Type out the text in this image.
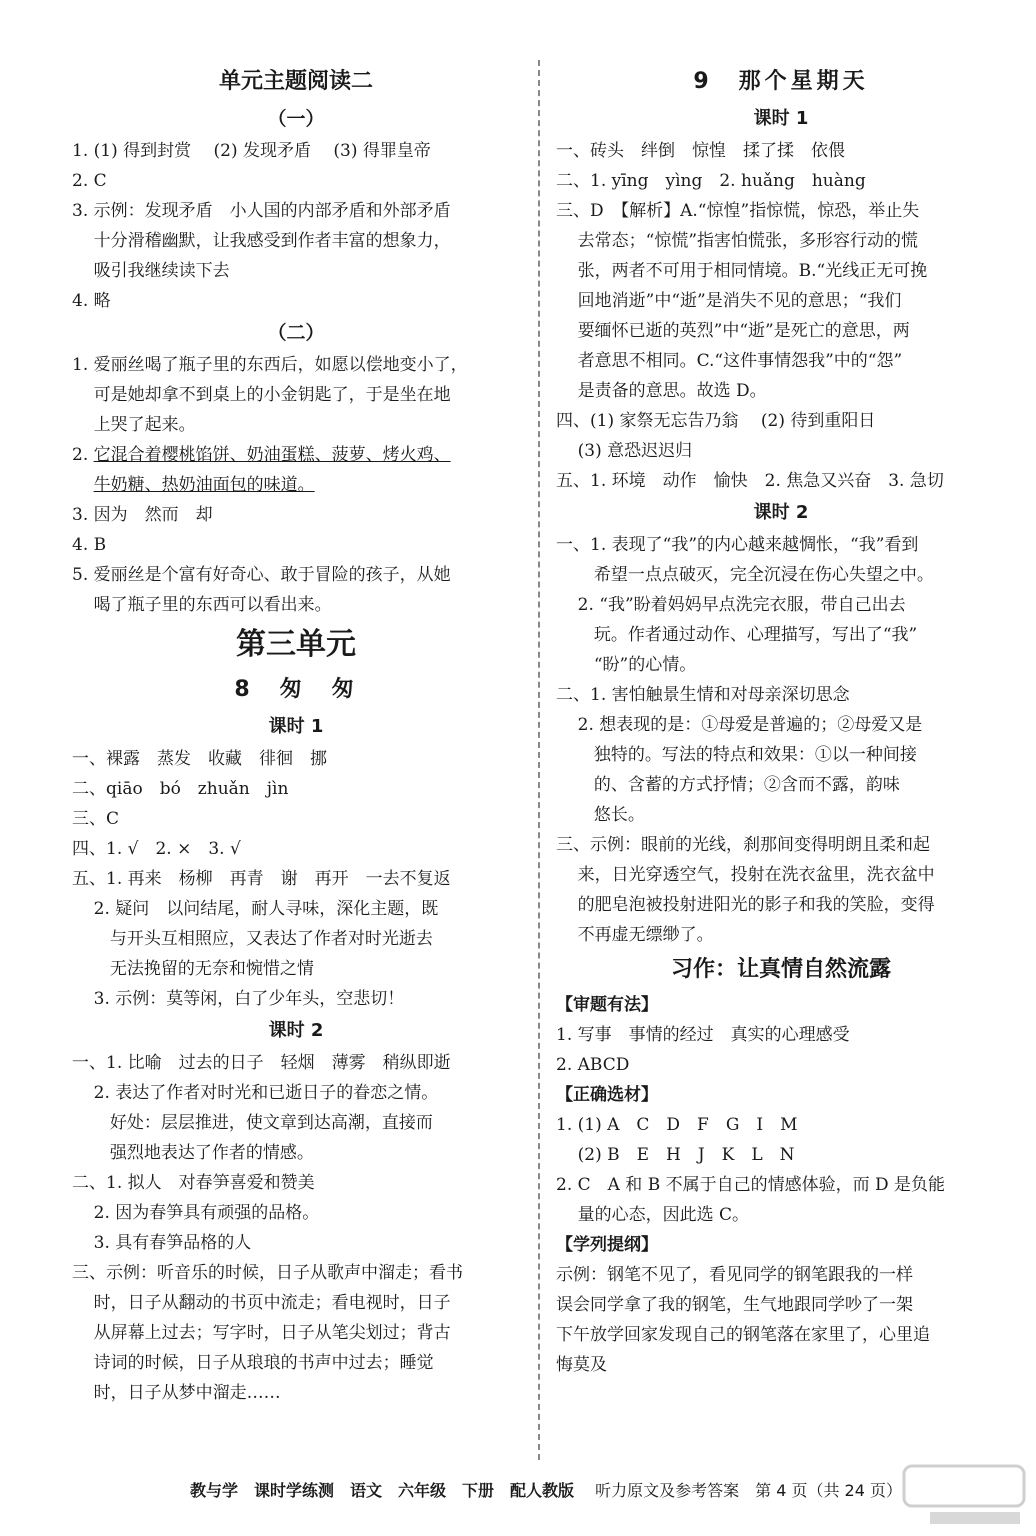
单元主题阅读二
（一）
1. (1) 得到封赏　 (2) 发现矛盾　 (3) 得罪皇帝
2. C
3. 示例：发现矛盾　小人国的内部矛盾和外部矛盾
十分滑稽幽默，让我感受到作者丰富的想象力，
吸引我继续读下去
4. 略
（二）
1. 爱丽丝喝了瓶子里的东西后，如愿以偿地变小了，
可是她却拿不到桌上的小金钥匙了，于是坐在地
上哭了起来。
2. 它混合着樱桃馅饼、奶油蛋糕、菠萝、烤火鸡、
牛奶糖、热奶油面包的味道。
3. 因为　然而　却
4. B
5. 爱丽丝是个富有好奇心、敢于冒险的孩子，从她
喝了瓶子里的东西可以看出来。
第三单元
8　匆　匆
课时 1
一、裸露　蒸发　收藏　徘徊　挪
二、qiāo　bó　zhuǎn　jìn
三、C
四、1. √　2. ×　3. √
五、1. 再来　杨柳　再青　谢　再开　一去不复返
2. 疑问　以问结尾，耐人寻味，深化主题，既
与开头互相照应，又表达了作者对时光逝去
无法挽留的无奈和惋惜之情
3. 示例：莫等闲，白了少年头，空悲切！
课时 2
一、1. 比喻　过去的日子　轻烟　薄雾　稍纵即逝
2. 表达了作者对时光和已逝日子的眷恋之情。
好处：层层推进，使文章到达高潮，直接而
强烈地表达了作者的情感。
二、1. 拟人　对春笋喜爱和赞美
2. 因为春笋具有顽强的品格。
3. 具有春笋品格的人
三、示例：听音乐的时候，日子从歌声中溜走；看书
时，日子从翻动的书页中流走；看电视时，日子
从屏幕上过去；写字时，日子从笔尖划过；背古
诗词的时候，日子从琅琅的书声中过去；睡觉
时，日子从梦中溜走……
9　那个星期天
课时 1
一、砖头　绊倒　惊惶　揉了揉　依偎
二、1. yīng　yìng　2. huǎng　huàng
三、D　【解析】A.“惊惶”指惊慌，惊恐，举止失
去常态；“惊慌”指害怕慌张，多形容行动的慌
张，两者不可用于相同情境。B.“光线正无可挽
回地消逝”中“逝”是消失不见的意思；“我们
要缅怀已逝的英烈”中“逝”是死亡的意思，两
者意思不相同。C.“这件事情怨我”中的“怨”
是责备的意思。故选 D。
四、(1) 家祭无忘告乃翁　 (2) 待到重阳日
(3) 意恐迟迟归
五、1. 环境　动作　愉快　2. 焦急又兴奋　3. 急切
课时 2
一、1. 表现了“我”的内心越来越惆怅，“我”看到
希望一点点破灭，完全沉浸在伤心失望之中。
2. “我”盼着妈妈早点洗完衣服，带自己出去
玩。作者通过动作、心理描写，写出了“我”
“盼”的心情。
二、1. 害怕触景生情和对母亲深切思念
2. 想表现的是：①母爱是普遍的；②母爱又是
独特的。写法的特点和效果：①以一种间接
的、含蓄的方式抒情；②含而不露，韵味
悠长。
三、示例：眼前的光线，刹那间变得明朗且柔和起
来，日光穿透空气，投射在洗衣盆里，洗衣盆中
的肥皂泡被投射进阳光的影子和我的笑脸，变得
不再虚无缥缈了。
习作：让真情自然流露
【审题有法】
1. 写事　事情的经过　真实的心理感受
2. ABCD
【正确选材】
1. (1) A　C　D　F　G　I　M
(2) B　E　H　J　K　L　N
2. C　A 和 B 不属于自己的情感体验，而 D 是负能
量的心态，因此选 C。
【学列提纲】
示例：钢笔不见了，看见同学的钢笔跟我的一样
误会同学拿了我的钢笔，生气地跟同学吵了一架
下午放学回家发现自己的钢笔落在家里了，心里追
悔莫及
教与学　课时学练测　语文　六年级　下册　配人教版　 听力原文及参考答案　第 4 页（共 24 页）
